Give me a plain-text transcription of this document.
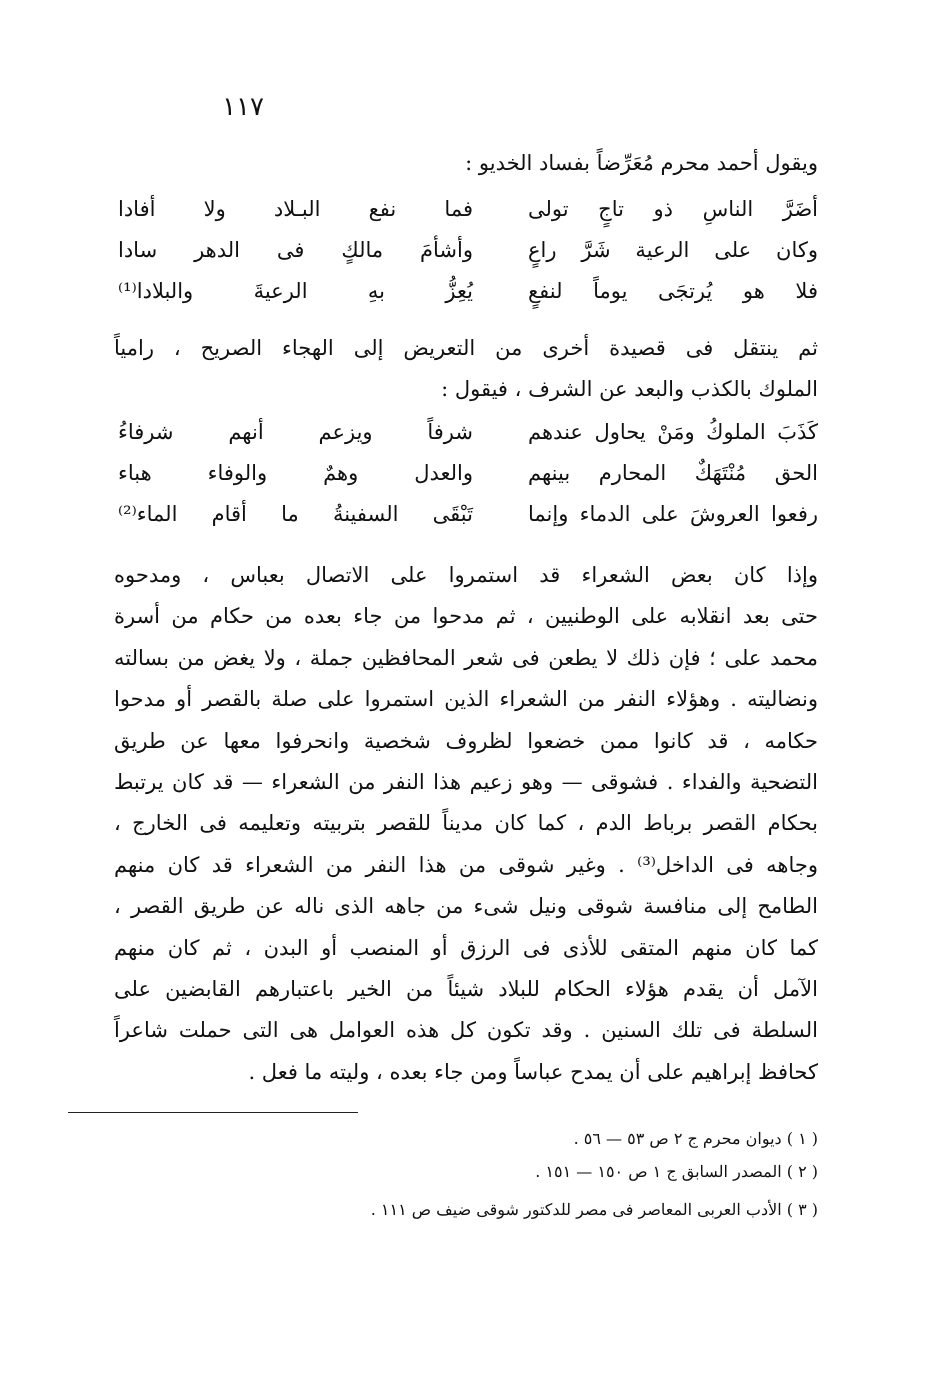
١١٧
ويقول أحمد محرم مُعَرِّضاً بفساد الخديو :
أضَرَّ الناسِ ذو تاجٍ تولى
فما نفع البـلاد ولا أفادا
وكان على الرعية شَرَّ راعٍ
وأشأمَ مالكٍ فى الدهر سادا
فلا هو يُرتجَى يوماً لنفعٍ
يُعِزُّ بهِ الرعيةَ والبلادا⁽¹⁾
ثم ينتقل فى قصيدة أخرى من التعريض إلى الهجاء الصريح ، رامياً
الملوك بالكذب والبعد عن الشرف ، فيقول :
كَذَبَ الملوكُ ومَنْ يحاول عندهم
شرفاً ويزعم أنهم شرفاءُ
الحق مُنْتَهَكٌ المحارم بينهم
والعدل وهمٌ والوفاء هباء
رفعوا العروشَ على الدماء وإنما
تَبْقَى السفينةُ ما أقام الماء⁽²⁾
وإذا كان بعض الشعراء قد استمروا على الاتصال بعباس ، ومدحوه
حتى بعد انقلابه على الوطنيين ، ثم مدحوا من جاء بعده من حكام من أسرة
محمد على ؛ فإن ذلك لا يطعن فى شعر المحافظين جملة ، ولا يغض من بسالته
ونضاليته . وهؤلاء النفر من الشعراء الذين استمروا على صلة بالقصر أو مدحوا
حكامه ، قد كانوا ممن خضعوا لظروف شخصية وانحرفوا معها عن طريق
التضحية والفداء . فشوقى — وهو زعيم هذا النفر من الشعراء — قد كان يرتبط
بحكام القصر برباط الدم ، كما كان مديناً للقصر بتربيته وتعليمه فى الخارج ،
وجاهه فى الداخل⁽³⁾ . وغير شوقى من هذا النفر من الشعراء قد كان منهم
الطامح إلى منافسة شوقى ونيل شىء من جاهه الذى ناله عن طريق القصر ،
كما كان منهم المتقى للأذى فى الرزق أو المنصب أو البدن ، ثم كان منهم
الآمل أن يقدم هؤلاء الحكام للبلاد شيئاً من الخير باعتبارهم القابضين على
السلطة فى تلك السنين . وقد تكون كل هذه العوامل هى التى حملت شاعراً
كحافظ إبراهيم على أن يمدح عباساً ومن جاء بعده ، وليته ما فعل .
( ١ ) ديوان محرم ج ٢ ص ٥٣ — ٥٦ .
( ٢ ) المصدر السابق ج ١ ص ١٥٠ — ١٥١ .
( ٣ ) الأدب العربى المعاصر فى مصر للدكتور شوقى ضيف ص ١١١ .
